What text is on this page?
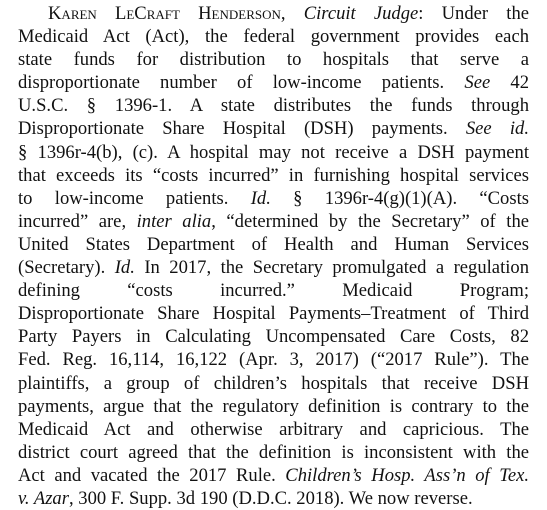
Karen LeCraft Henderson, Circuit Judge: Under the
Medicaid Act (Act), the federal government provides each
state funds for distribution to hospitals that serve a
disproportionate number of low-income patients. See 42
U.S.C. § 1396-1. A state distributes the funds through
Disproportionate Share Hospital (DSH) payments. See id.
§ 1396r-4(b), (c). A hospital may not receive a DSH payment
that exceeds its “costs incurred” in furnishing hospital services
to low-income patients. Id. § 1396r-4(g)(1)(A). “Costs
incurred” are, inter alia, “determined by the Secretary” of the
United States Department of Health and Human Services
(Secretary). Id. In 2017, the Secretary promulgated a regulation
defining “costs incurred.” Medicaid Program;
Disproportionate Share Hospital Payments–Treatment of Third
Party Payers in Calculating Uncompensated Care Costs, 82
Fed. Reg. 16,114, 16,122 (Apr. 3, 2017) (“2017 Rule”). The
plaintiffs, a group of children’s hospitals that receive DSH
payments, argue that the regulatory definition is contrary to the
Medicaid Act and otherwise arbitrary and capricious. The
district court agreed that the definition is inconsistent with the
Act and vacated the 2017 Rule. Children’s Hosp. Ass’n of Tex.
v. Azar, 300 F. Supp. 3d 190 (D.D.C. 2018). We now reverse.
